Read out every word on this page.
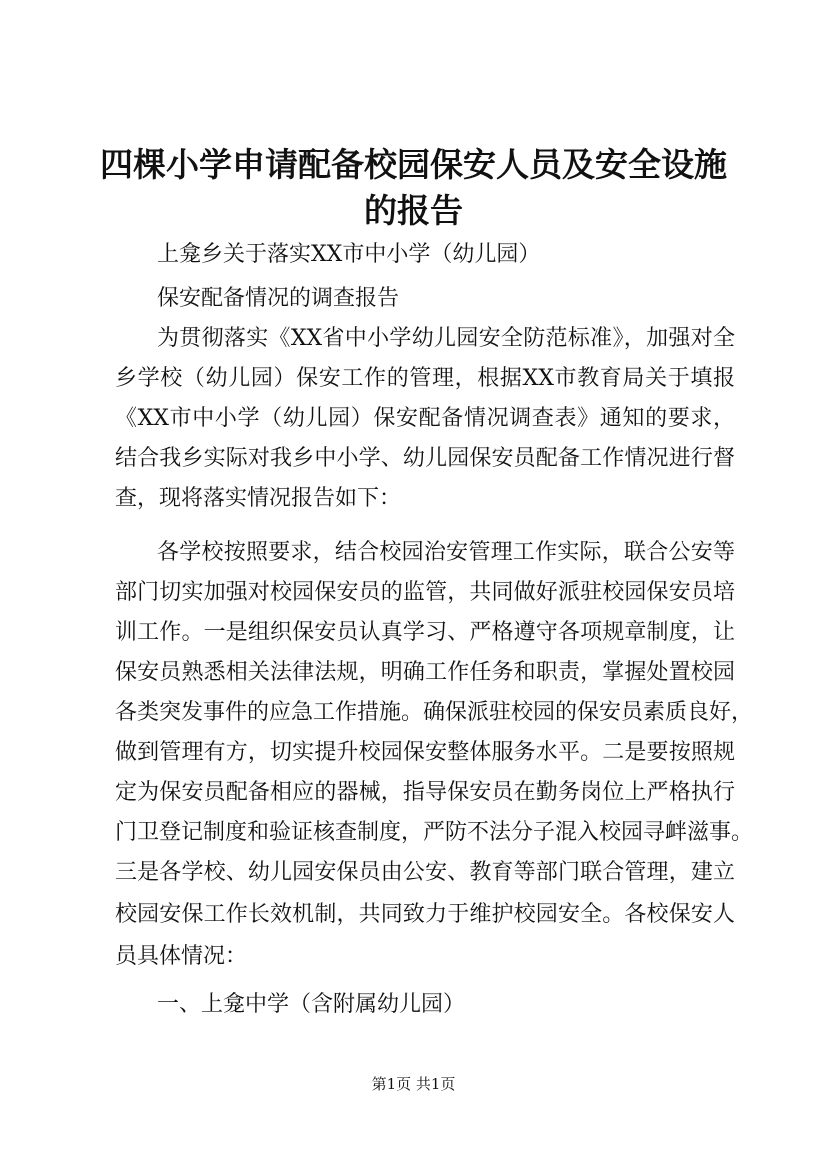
四棵小学申请配备校园保安人员及安全设施的报告

上龛乡关于落实XX市中小学（幼儿园）

保安配备情况的调查报告

为贯彻落实《XX省中小学幼儿园安全防范标准》，加强对全

乡学校（幼儿园）保安工作的管理，根据XX市教育局关于填报

《XX市中小学（幼儿园）保安配备情况调查表》通知的要求，

结合我乡实际对我乡中小学、幼儿园保安员配备工作情况进行督

查，现将落实情况报告如下：

各学校按照要求，结合校园治安管理工作实际，联合公安等

部门切实加强对校园保安员的监管，共同做好派驻校园保安员培

训工作。一是组织保安员认真学习、严格遵守各项规章制度，让

保安员熟悉相关法律法规，明确工作任务和职责，掌握处置校园

各类突发事件的应急工作措施。确保派驻校园的保安员素质良好，

做到管理有方，切实提升校园保安整体服务水平。二是要按照规

定为保安员配备相应的器械，指导保安员在勤务岗位上严格执行

门卫登记制度和验证核查制度，严防不法分子混入校园寻衅滋事。

三是各学校、幼儿园安保员由公安、教育等部门联合管理，建立

校园安保工作长效机制，共同致力于维护校园安全。各校保安人

员具体情况：

一、上龛中学（含附属幼儿园）

第1页 共1页
